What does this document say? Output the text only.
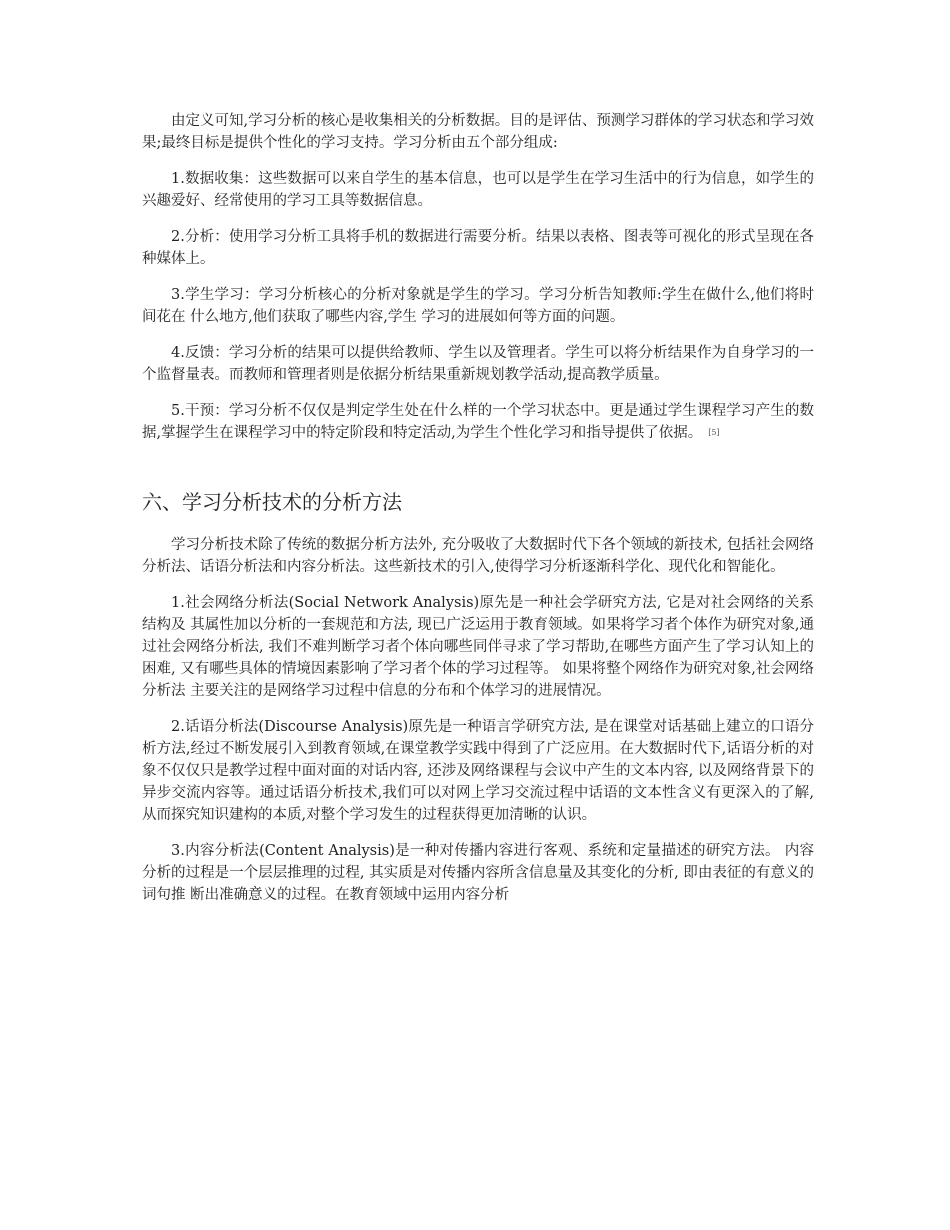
由定义可知,学习分析的核心是收集相关的分析数据。目的是评估、预测学习群体的学习状态和学习效果;最终目标是提供个性化的学习支持。学习分析由五个部分组成:

1.数据收集：这些数据可以来自学生的基本信息，也可以是学生在学习生活中的行为信息，如学生的兴趣爱好、经常使用的学习工具等数据信息。

2.分析：使用学习分析工具将手机的数据进行需要分析。结果以表格、图表等可视化的形式呈现在各种媒体上。

3.学生学习：学习分析核心的分析对象就是学生的学习。学习分析告知教师:学生在做什么,他们将时间花在 什么地方,他们获取了哪些内容,学生 学习的进展如何等方面的问题。

4.反馈：学习分析的结果可以提供给教师、学生以及管理者。学生可以将分析结果作为自身学习的一个监督量表。而教师和管理者则是依据分析结果重新规划教学活动,提高教学质量。

5.干预：学习分析不仅仅是判定学生处在什么样的一个学习状态中。更是通过学生课程学习产生的数据,掌握学生在课程学习中的特定阶段和特定活动,为学生个性化学习和指导提供了依据。 [5]

六、学习分析技术的分析方法

学习分析技术除了传统的数据分析方法外, 充分吸收了大数据时代下各个领域的新技术, 包括社会网络分析法、话语分析法和内容分析法。这些新技术的引入,使得学习分析逐渐科学化、现代化和智能化。

1.社会网络分析法(Social Network Analysis)原先是一种社会学研究方法, 它是对社会网络的关系结构及 其属性加以分析的一套规范和方法, 现已广泛运用于教育领域。如果将学习者个体作为研究对象,通过社会网络分析法, 我们不难判断学习者个体向哪些同伴寻求了学习帮助,在哪些方面产生了学习认知上的困难, 又有哪些具体的情境因素影响了学习者个体的学习过程等。 如果将整个网络作为研究对象,社会网络分析法 主要关注的是网络学习过程中信息的分布和个体学习的进展情况。

2.话语分析法(Discourse Analysis)原先是一种语言学研究方法, 是在课堂对话基础上建立的口语分析方法,经过不断发展引入到教育领域,在课堂教学实践中得到了广泛应用。在大数据时代下,话语分析的对象不仅仅只是教学过程中面对面的对话内容, 还涉及网络课程与会议中产生的文本内容, 以及网络背景下的异步交流内容等。通过话语分析技术,我们可以对网上学习交流过程中话语的文本性含义有更深入的了解,从而探究知识建构的本质,对整个学习发生的过程获得更加清晰的认识。

3.内容分析法(Content Analysis)是一种对传播内容进行客观、系统和定量描述的研究方法。 内容分析的过程是一个层层推理的过程, 其实质是对传播内容所含信息量及其变化的分析, 即由表征的有意义的词句推 断出准确意义的过程。在教育领域中运用内容分析
